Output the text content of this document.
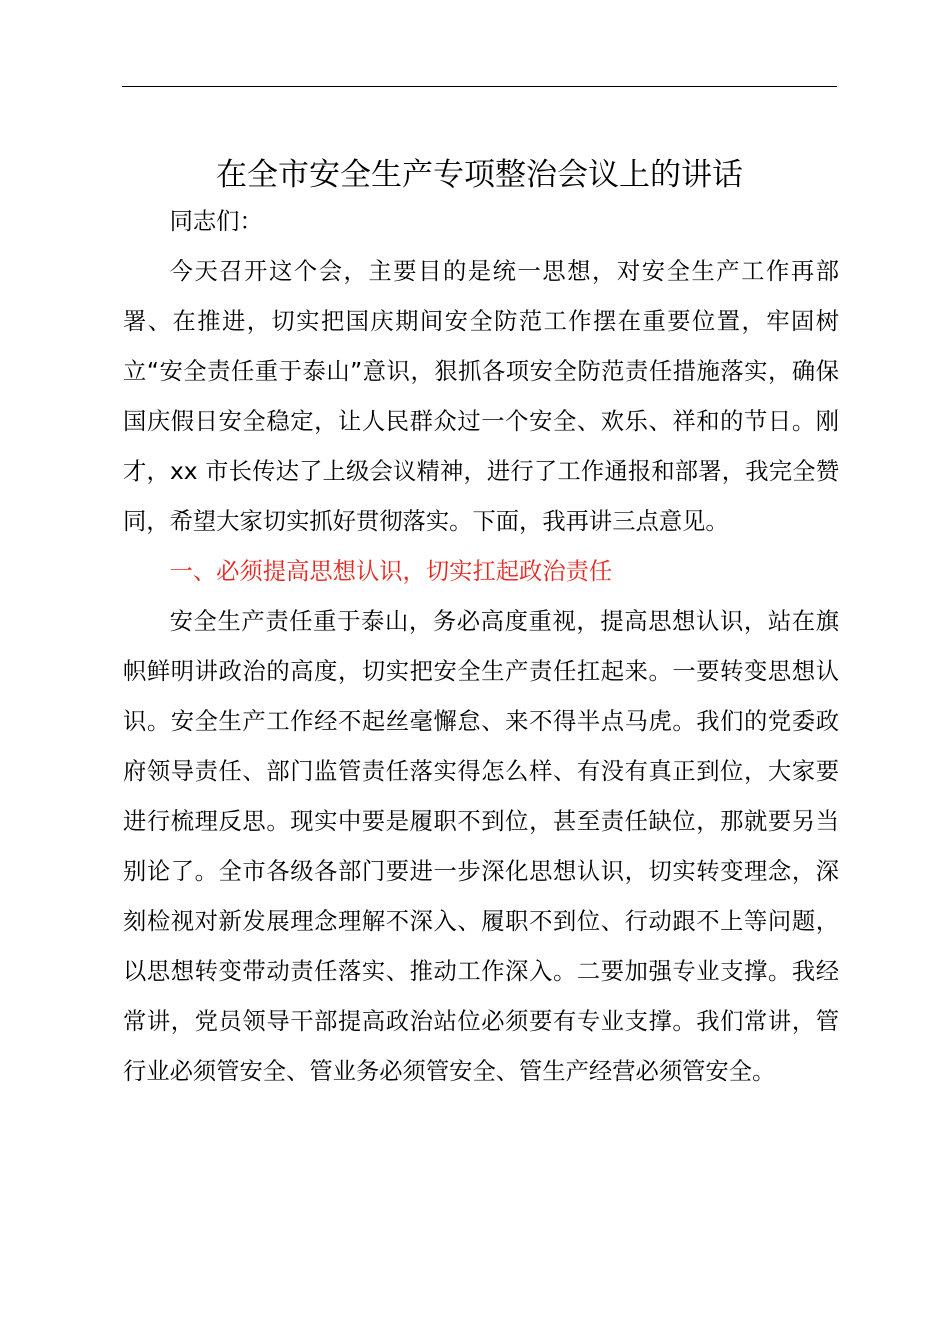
在全市安全生产专项整治会议上的讲话

同志们：

今天召开这个会，主要目的是统一思想，对安全生产工作再部署、在推进，切实把国庆期间安全防范工作摆在重要位置，牢固树立“安全责任重于泰山”意识，狠抓各项安全防范责任措施落实，确保国庆假日安全稳定，让人民群众过一个安全、欢乐、祥和的节日。刚才，xx 市长传达了上级会议精神，进行了工作通报和部署，我完全赞同，希望大家切实抓好贯彻落实。下面，我再讲三点意见。

一、必须提高思想认识，切实扛起政治责任

安全生产责任重于泰山，务必高度重视，提高思想认识，站在旗帜鲜明讲政治的高度，切实把安全生产责任扛起来。一要转变思想认识。安全生产工作经不起丝毫懈怠、来不得半点马虎。我们的党委政府领导责任、部门监管责任落实得怎么样、有没有真正到位，大家要进行梳理反思。现实中要是履职不到位，甚至责任缺位，那就要另当别论了。全市各级各部门要进一步深化思想认识，切实转变理念，深刻检视对新发展理念理解不深入、履职不到位、行动跟不上等问题，以思想转变带动责任落实、推动工作深入。二要加强专业支撑。我经常讲，党员领导干部提高政治站位必须要有专业支撑。我们常讲，管行业必须管安全、管业务必须管安全、管生产经营必须管安全。
